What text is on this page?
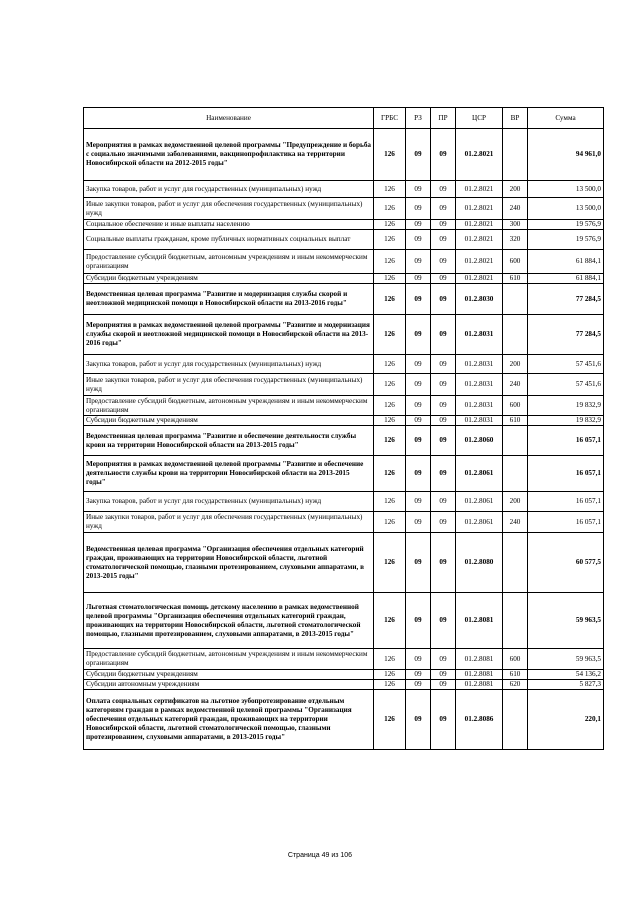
Наименование	ГРБС	РЗ	ПР	ЦСР	ВР	Сумма
Мероприятия в рамках ведомственной целевой программы "Предупреждение и борьба с социально значимыми заболеваниями, вакцинопрофилактика на территории Новосибирской области на 2012-2015 годы"	126	09	09	01.2.8021		94 961,0
Закупка товаров, работ и услуг для государственных (муниципальных) нужд	126	09	09	01.2.8021	200	13 500,0
Иные закупки товаров, работ и услуг для обеспечения государственных (муниципальных) нужд	126	09	09	01.2.8021	240	13 500,0
Социальное обеспечение и иные выплаты населению	126	09	09	01.2.8021	300	19 576,9
Социальные выплаты гражданам, кроме публичных нормативных социальных выплат	126	09	09	01.2.8021	320	19 576,9
Предоставление субсидий бюджетным, автономным учреждениям и иным некоммерческим организациям	126	09	09	01.2.8021	600	61 884,1
Субсидии бюджетным учреждениям	126	09	09	01.2.8021	610	61 884,1
Ведомственная целевая программа "Развитие и модернизация службы скорой и неотложной медицинской помощи в Новосибирской области на 2013-2016 годы"	126	09	09	01.2.8030		77 284,5
Мероприятия в рамках ведомственной целевой программы "Развитие и модернизация службы скорой и неотложной медицинской помощи в Новосибирской области на 2013-2016 годы"	126	09	09	01.2.8031		77 284,5
Закупка товаров, работ и услуг для государственных (муниципальных) нужд	126	09	09	01.2.8031	200	57 451,6
Иные закупки товаров, работ и услуг для обеспечения государственных (муниципальных) нужд	126	09	09	01.2.8031	240	57 451,6
Предоставление субсидий бюджетным, автономным учреждениям и иным некоммерческим организациям	126	09	09	01.2.8031	600	19 832,9
Субсидии бюджетным учреждениям	126	09	09	01.2.8031	610	19 832,9
Ведомственная целевая программа "Развитие и обеспечение деятельности службы крови на территории Новосибирской области на 2013-2015 годы"	126	09	09	01.2.8060		16 057,1
Мероприятия в рамках ведомственной целевой программы "Развитие и обеспечение деятельности службы крови на территории Новосибирской области на 2013-2015 годы"	126	09	09	01.2.8061		16 057,1
Закупка товаров, работ и услуг для государственных (муниципальных) нужд	126	09	09	01.2.8061	200	16 057,1
Иные закупки товаров, работ и услуг для обеспечения государственных (муниципальных) нужд	126	09	09	01.2.8061	240	16 057,1
Ведомственная целевая программа "Организация обеспечения отдельных категорий граждан, проживающих на территории Новосибирской области, льготной стоматологической помощью, глазными протезированием, слуховыми аппаратами, в 2013-2015 годы"	126	09	09	01.2.8080		60 577,5
Льготная стоматологическая помощь детскому населению в рамках ведомственной целевой программы "Организация обеспечения отдельных категорий граждан, проживающих на территории Новосибирской области, льготной стоматологической помощью, глазными протезированием, слуховыми аппаратами, в 2013-2015 годы"	126	09	09	01.2.8081		59 963,5
Предоставление субсидий бюджетным, автономным учреждениям и иным некоммерческим организациям	126	09	09	01.2.8081	600	59 963,5
Субсидии бюджетным учреждениям	126	09	09	01.2.8081	610	54 136,2
Субсидии автономным учреждениям	126	09	09	01.2.8081	620	5 827,3
Оплата социальных сертификатов на льготное зубопротезирование отдельным категориям граждан в рамках ведомственной целевой программы "Организация обеспечения отдельных категорий граждан, проживающих на территории Новосибирской области, льготной стоматологической помощью, глазными протезированием, слуховыми аппаратами, в 2013-2015 годы"	126	09	09	01.2.8086		220,1
Страница 49 из 106
